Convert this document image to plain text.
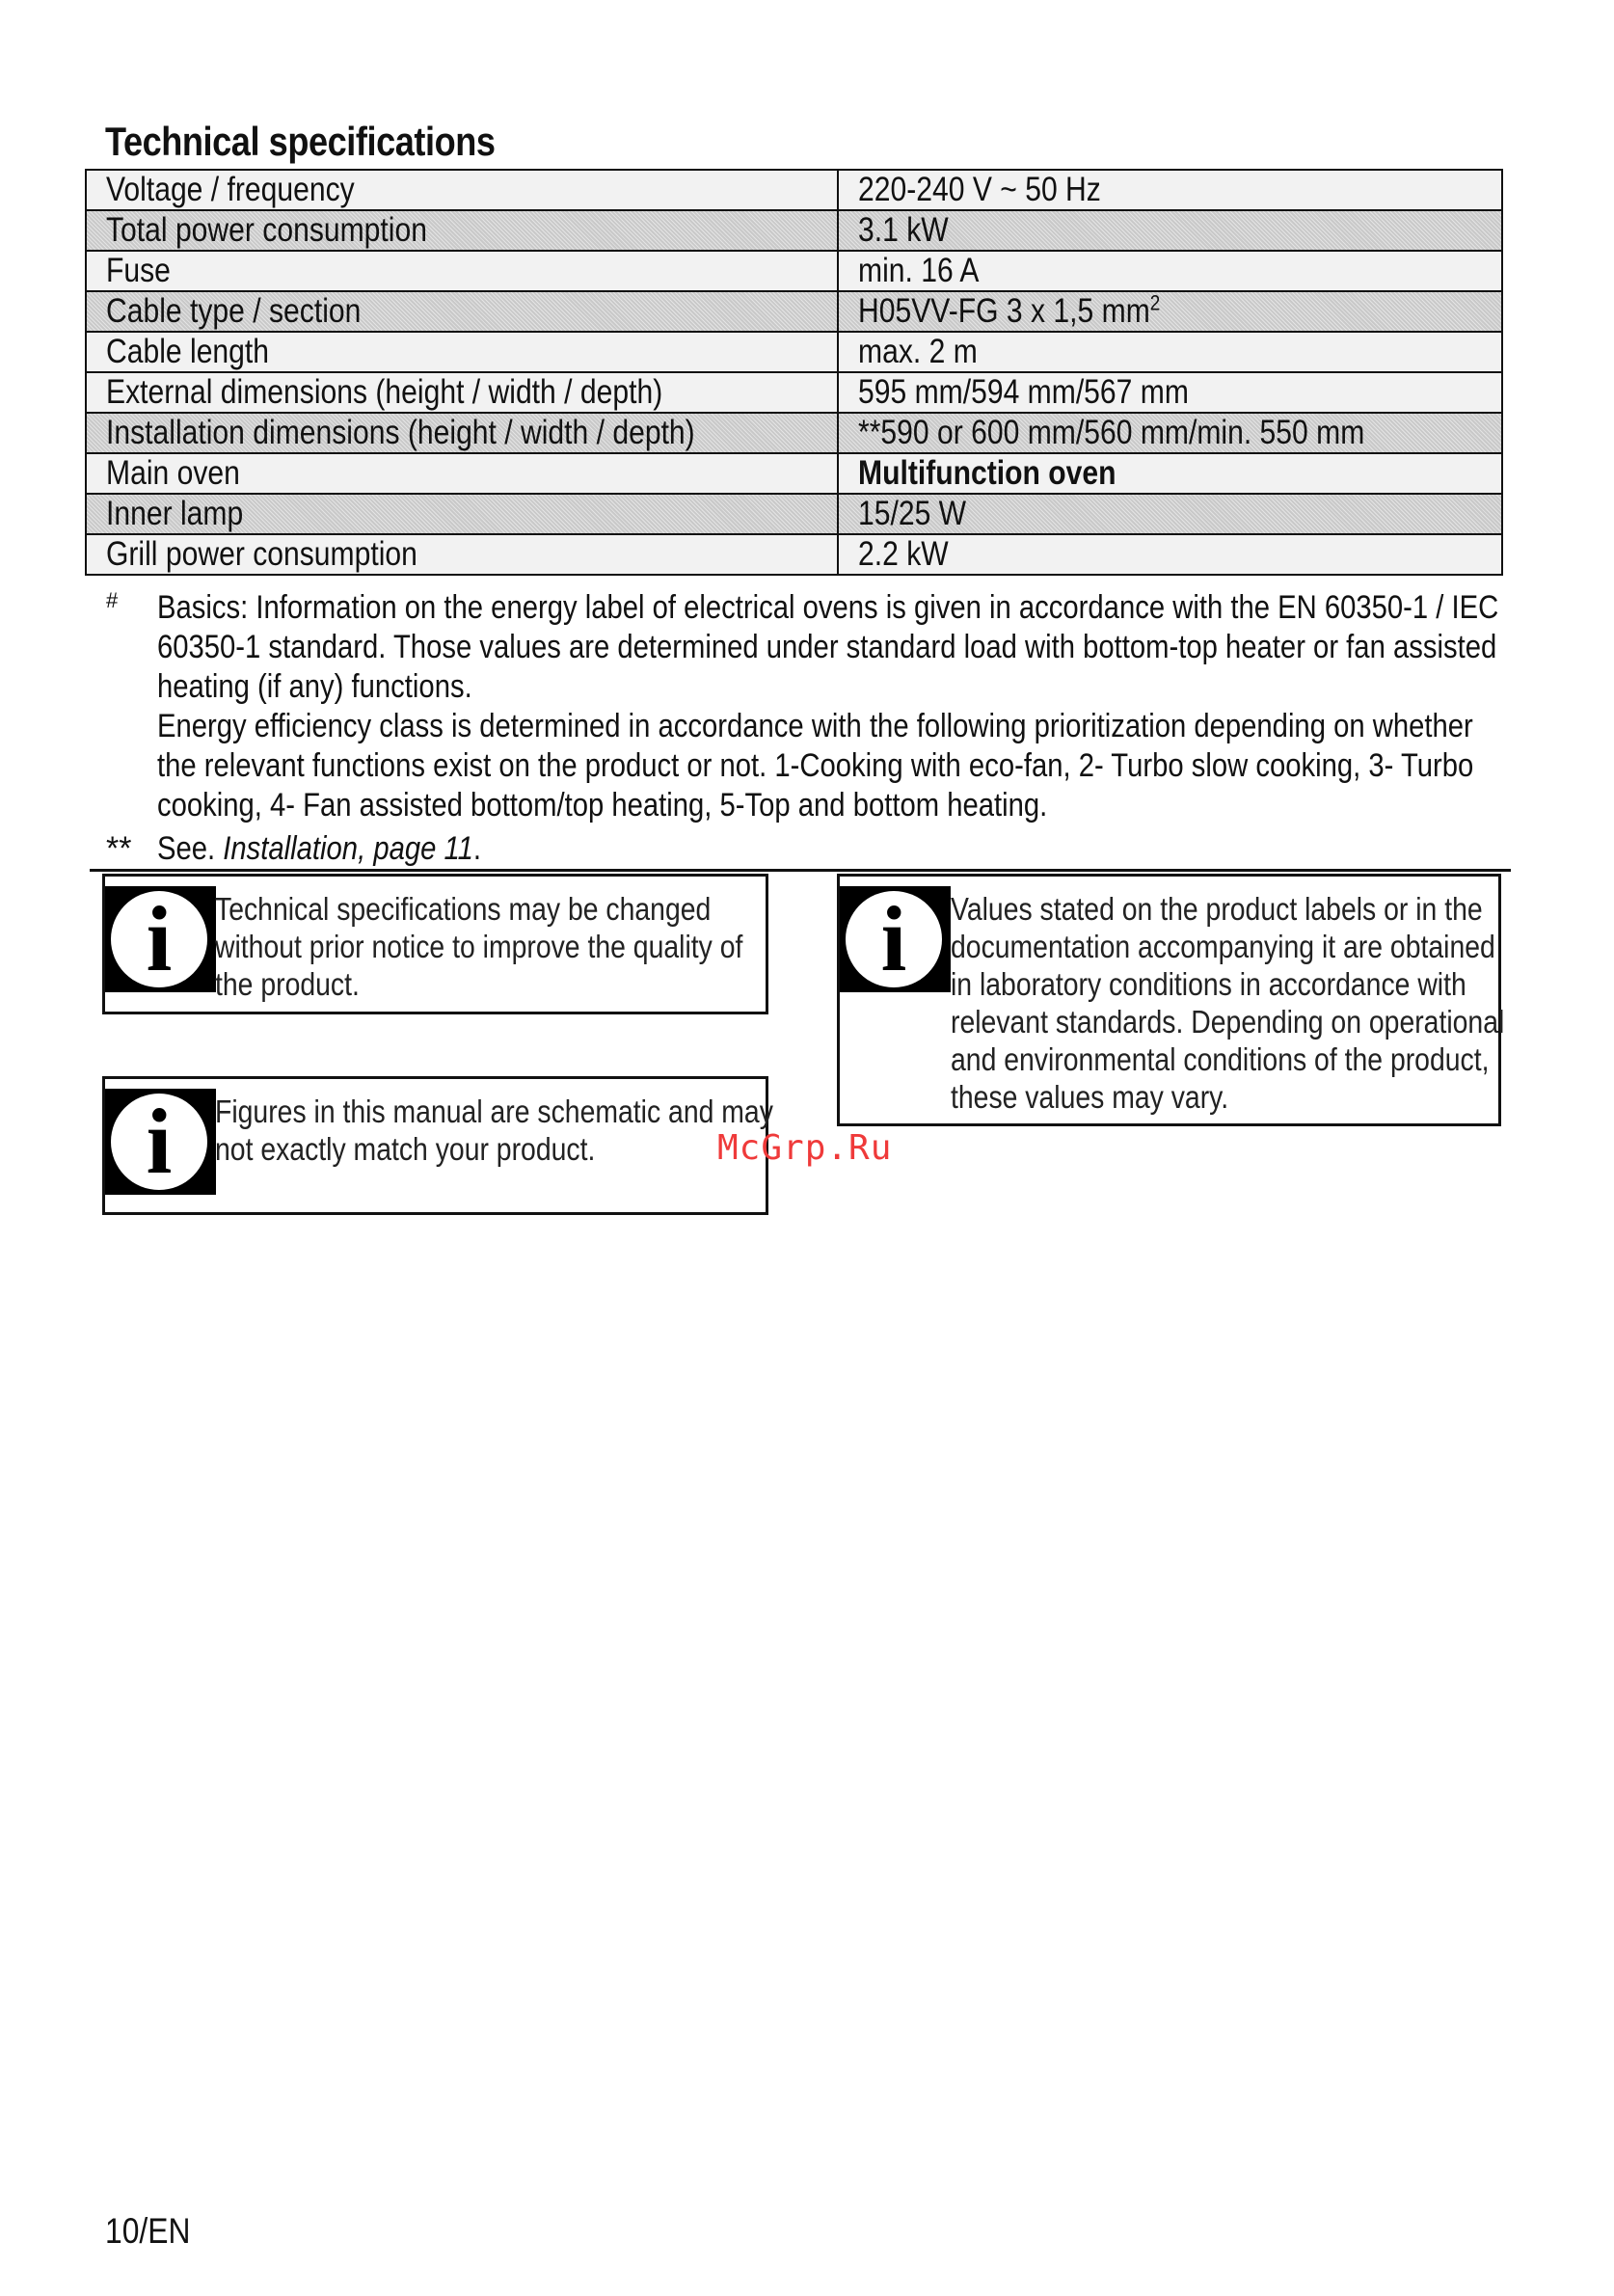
Technical specifications
Voltage / frequency	220-240 V ~ 50 Hz
Total power consumption	3.1 kW
Fuse	min. 16 A
Cable type / section	H05VV-FG 3 x 1,5 $mm^2$
Cable length	max. 2 m
External dimensions (height / width / depth)	595 mm/594 mm/567 mm
Installation dimensions (height / width / depth)	**590 or 600 mm/560 mm/min. 550 mm
Main oven	Multifunction oven
Inner lamp	15/25 W
Grill power consumption	2.2 kW
# Basics: Information on the energy label of electrical ovens is given in accordance with the EN 60350-1 / IEC
60350-1 standard. Those values are determined under standard load with bottom-top heater or fan assisted
heating (if any) functions.
Energy efficiency class is determined in accordance with the following prioritization depending on whether
the relevant functions exist on the product or not. 1-Cooking with eco-fan, 2- Turbo slow cooking, 3- Turbo
cooking, 4- Fan assisted bottom/top heating, 5-Top and bottom heating.
** See. Installation, page 11.
i	Technical specifications may be changed
without prior notice to improve the quality of
the product.
i	Figures in this manual are schematic and may
not exactly match your product.
i	Values stated on the product labels or in the
documentation accompanying it are obtained
in laboratory conditions in accordance with
relevant standards. Depending on operational
and environmental conditions of the product,
these values may vary.
McGrp.Ru
10/EN
